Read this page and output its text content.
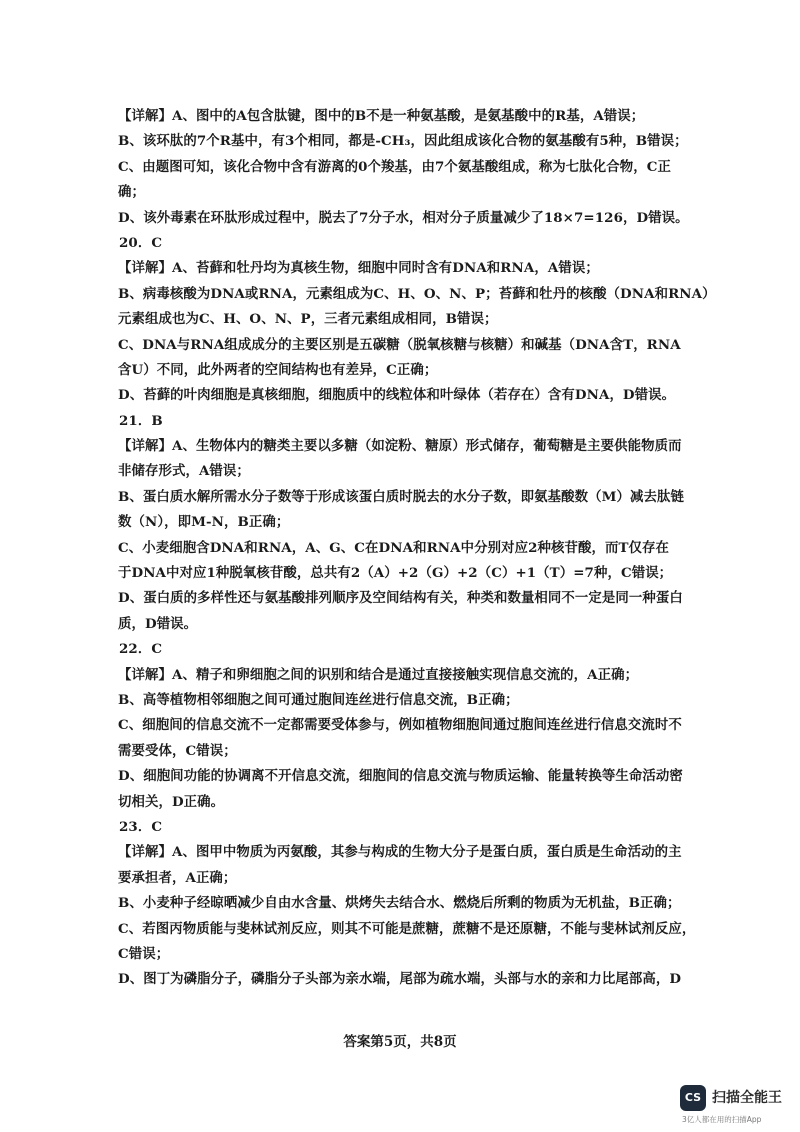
【详解】A、图中的A包含肽键，图中的B不是一种氨基酸，是氨基酸中的R基，A错误；
B、该环肽的7个R基中，有3个相同，都是-CH₃，因此组成该化合物的氨基酸有5种，B错误；
C、由题图可知，该化合物中含有游离的0个羧基，由7个氨基酸组成，称为七肽化合物，C正
确；
D、该外毒素在环肽形成过程中，脱去了7分子水，相对分子质量减少了18×7=126，D错误。
20．C
【详解】A、苔藓和牡丹均为真核生物，细胞中同时含有DNA和RNA，A错误；
B、病毒核酸为DNA或RNA，元素组成为C、H、O、N、P；苔藓和牡丹的核酸（DNA和RNA）
元素组成也为C、H、O、N、P，三者元素组成相同，B错误；
C、DNA与RNA组成成分的主要区别是五碳糖（脱氧核糖与核糖）和碱基（DNA含T，RNA
含U）不同，此外两者的空间结构也有差异，C正确；
D、苔藓的叶肉细胞是真核细胞，细胞质中的线粒体和叶绿体（若存在）含有DNA，D错误。
21．B
【详解】A、生物体内的糖类主要以多糖（如淀粉、糖原）形式储存，葡萄糖是主要供能物质而
非储存形式，A错误；
B、蛋白质水解所需水分子数等于形成该蛋白质时脱去的水分子数，即氨基酸数（M）减去肽链
数（N），即M-N，B正确；
C、小麦细胞含DNA和RNA，A、G、C在DNA和RNA中分别对应2种核苷酸，而T仅存在
于DNA中对应1种脱氧核苷酸，总共有2（A）+2（G）+2（C）+1（T）=7种，C错误；
D、蛋白质的多样性还与氨基酸排列顺序及空间结构有关，种类和数量相同不一定是同一种蛋白
质，D错误。
22．C
【详解】A、精子和卵细胞之间的识别和结合是通过直接接触实现信息交流的，A正确；
B、高等植物相邻细胞之间可通过胞间连丝进行信息交流，B正确；
C、细胞间的信息交流不一定都需要受体参与，例如植物细胞间通过胞间连丝进行信息交流时不
需要受体，C错误；
D、细胞间功能的协调离不开信息交流，细胞间的信息交流与物质运输、能量转换等生命活动密
切相关，D正确。
23．C
【详解】A、图甲中物质为丙氨酸，其参与构成的生物大分子是蛋白质，蛋白质是生命活动的主
要承担者，A正确；
B、小麦种子经晾晒减少自由水含量、烘烤失去结合水、燃烧后所剩的物质为无机盐，B正确；
C、若图丙物质能与斐林试剂反应，则其不可能是蔗糖，蔗糖不是还原糖，不能与斐林试剂反应，
C错误；
D、图丁为磷脂分子，磷脂分子头部为亲水端，尾部为疏水端，头部与水的亲和力比尾部高，D
答案第5页，共8页
CS 扫描全能王
3亿人都在用的扫描App
